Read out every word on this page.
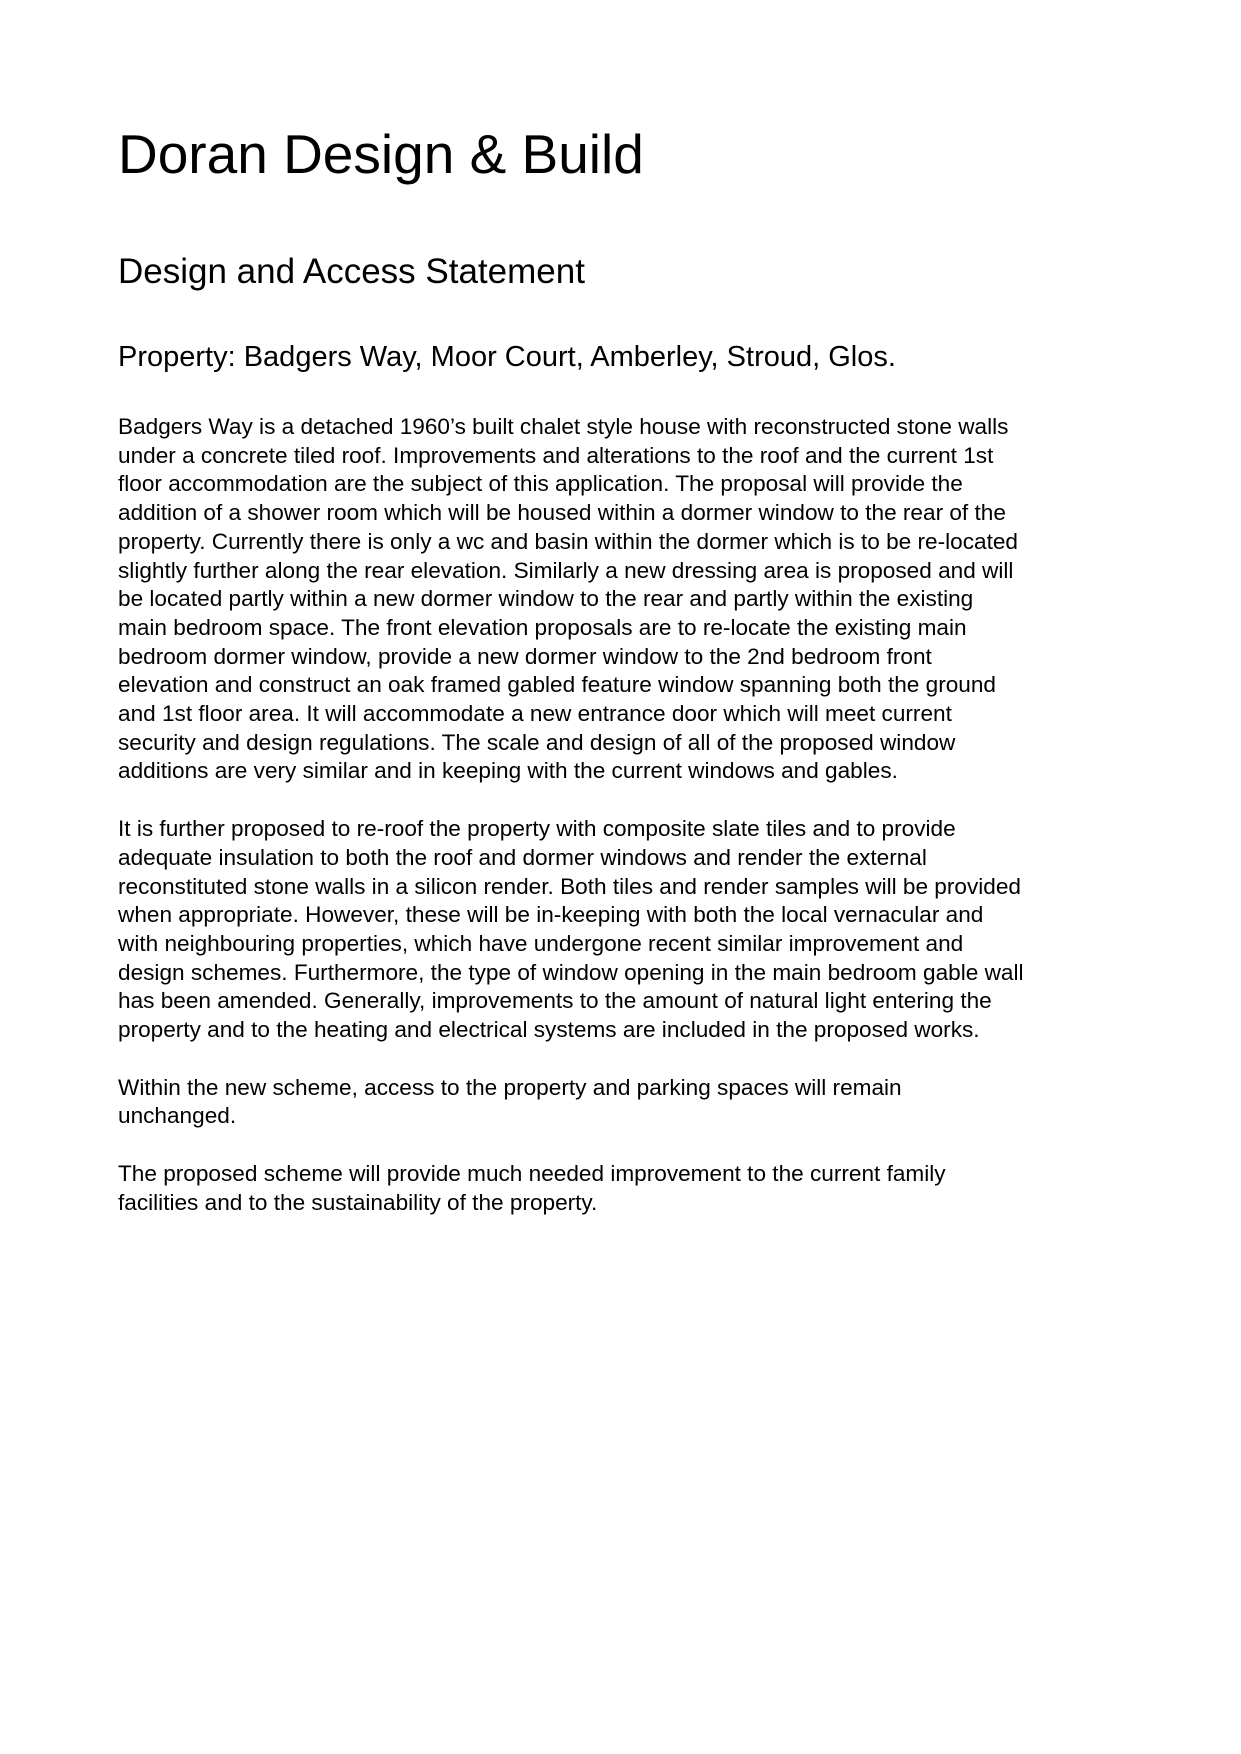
Doran Design & Build
Design and Access Statement
Property: Badgers Way, Moor Court, Amberley, Stroud, Glos.

Badgers Way is a detached 1960’s built chalet style house with reconstructed stone walls
under a concrete tiled roof. Improvements and alterations to the roof and the current 1st
floor accommodation are the subject of this application. The proposal will provide the
addition of a shower room which will be housed within a dormer window to the rear of the
property. Currently there is only a wc and basin within the dormer which is to be re-located
slightly further along the rear elevation. Similarly a new dressing area is proposed and will
be located partly within a new dormer window to the rear and partly within the existing
main bedroom space. The front elevation proposals are to re-locate the existing main
bedroom dormer window, provide a new dormer window to the 2nd bedroom front
elevation and construct an oak framed gabled feature window spanning both the ground
and 1st floor area. It will accommodate a new entrance door which will meet current
security and design regulations. The scale and design of all of the proposed window
additions are very similar and in keeping with the current windows and gables.

It is further proposed to re-roof the property with composite slate tiles and to provide
adequate insulation to both the roof and dormer windows and render the external
reconstituted stone walls in a silicon render. Both tiles and render samples will be provided
when appropriate. However, these will be in-keeping with both the local vernacular and
with neighbouring properties, which have undergone recent similar improvement and
design schemes. Furthermore, the type of window opening in the main bedroom gable wall
has been amended. Generally, improvements to the amount of natural light entering the
property and to the heating and electrical systems are included in the proposed works.

Within the new scheme, access to the property and parking spaces will remain
unchanged.

The proposed scheme will provide much needed improvement to the current family
facilities and to the sustainability of the property.
